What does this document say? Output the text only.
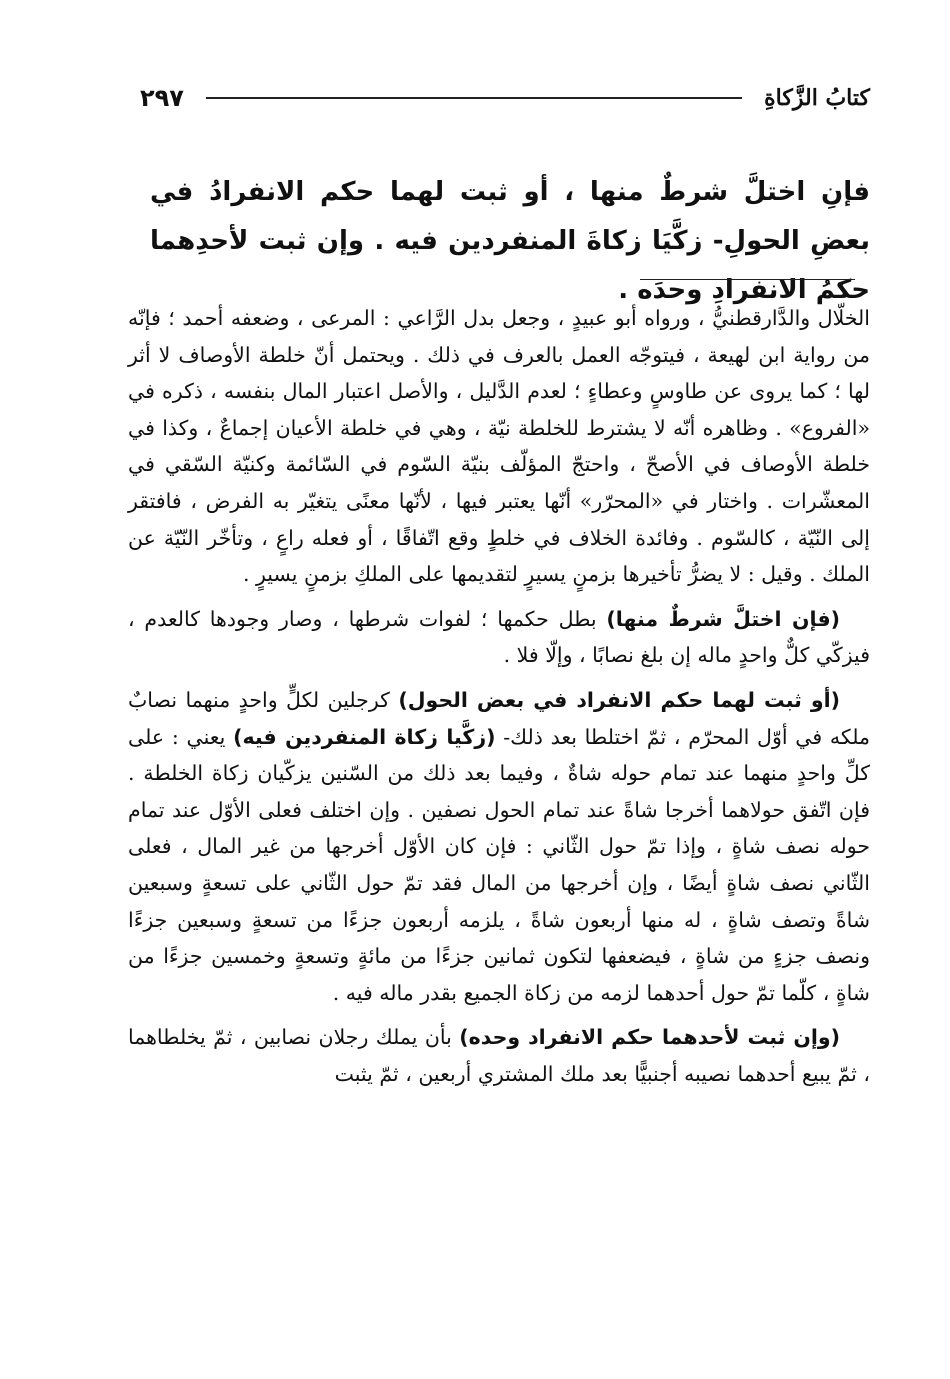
كتابُ الزَّكاةِ
٢٩٧
فإنِ اختلَّ شرطٌ منها ، أو ثبت لهما حكم الانفرادُ في بعضِ الحولِ- زكَّيَا زكاةَ المنفردين فيه . وإن ثبت لأحدِهما حكمُ الانفرادِ وحدَه .

الخلّال والدَّارقطنيُّ ، ورواه أبو عبيدٍ ، وجعل بدل الرَّاعي : المرعى ، وضعفه أحمد ؛ فإنّه من رواية ابن لهيعة ، فيتوجّه العمل بالعرف في ذلك . ويحتمل أنّ خلطة الأوصاف لا أثر لها ؛ كما يروى عن طاوسٍ وعطاءٍ ؛ لعدم الدَّليل ، والأصل اعتبار المال بنفسه ، ذكره في «الفروع» . وظاهره أنّه لا يشترط للخلطة نيّة ، وهي في خلطة الأعيان إجماعٌ ، وكذا في خلطة الأوصاف في الأصحّ ، واحتجّ المؤلّف بنيّة السّوم في السّائمة وكنيّة السّقي في المعشّرات . واختار في «المحرّر» أنّها يعتبر فيها ، لأنّها معنًى يتغيّر به الفرض ، فافتقر إلى النّيّة ، كالسّوم . وفائدة الخلاف في خلطٍ وقع اتّفاقًا ، أو فعله راعٍ ، وتأخّر النّيّة عن الملك . وقيل : لا يضرُّ تأخيرها بزمنٍ يسيرٍ لتقديمها على الملكِ بزمنٍ يسيرٍ .

(فإن اختلَّ شرطٌ منها) بطل حكمها ؛ لفوات شرطها ، وصار وجودها كالعدم ، فيزكّي كلٌّ واحدٍ ماله إن بلغ نصابًا ، وإلّا فلا .

(أو ثبت لهما حكم الانفراد في بعض الحول) كرجلين لكلٍّ واحدٍ منهما نصابٌ ملكه في أوّل المحرّم ، ثمّ اختلطا بعد ذلك- (زكَّيا زكاة المنفردين فيه) يعني : على كلِّ واحدٍ منهما عند تمام حوله شاةٌ ، وفيما بعد ذلك من السّنين يزكّيان زكاة الخلطة . فإن اتّفق حولاهما أخرجا شاةً عند تمام الحول نصفين . وإن اختلف فعلى الأوّل عند تمام حوله نصف شاةٍ ، وإذا تمّ حول الثّاني : فإن كان الأوّل أخرجها من غير المال ، فعلى الثّاني نصف شاةٍ أيضًا ، وإن أخرجها من المال فقد تمّ حول الثّاني على تسعةٍ وسبعين شاةً وتصف شاةٍ ، له منها أربعون شاةً ، يلزمه أربعون جزءًا من تسعةٍ وسبعين جزءًا ونصف جزءٍ من شاةٍ ، فيضعفها لتكون ثمانين جزءًا من مائةٍ وتسعةٍ وخمسين جزءًا من شاةٍ ، كلّما تمّ حول أحدهما لزمه من زكاة الجميع بقدر ماله فيه .

(وإن ثبت لأحدهما حكم الانفراد وحده) بأن يملك رجلان نصابين ، ثمّ يخلطاهما ، ثمّ يبيع أحدهما نصيبه أجنبيًّا بعد ملك المشتري أربعين ، ثمّ يثبت
